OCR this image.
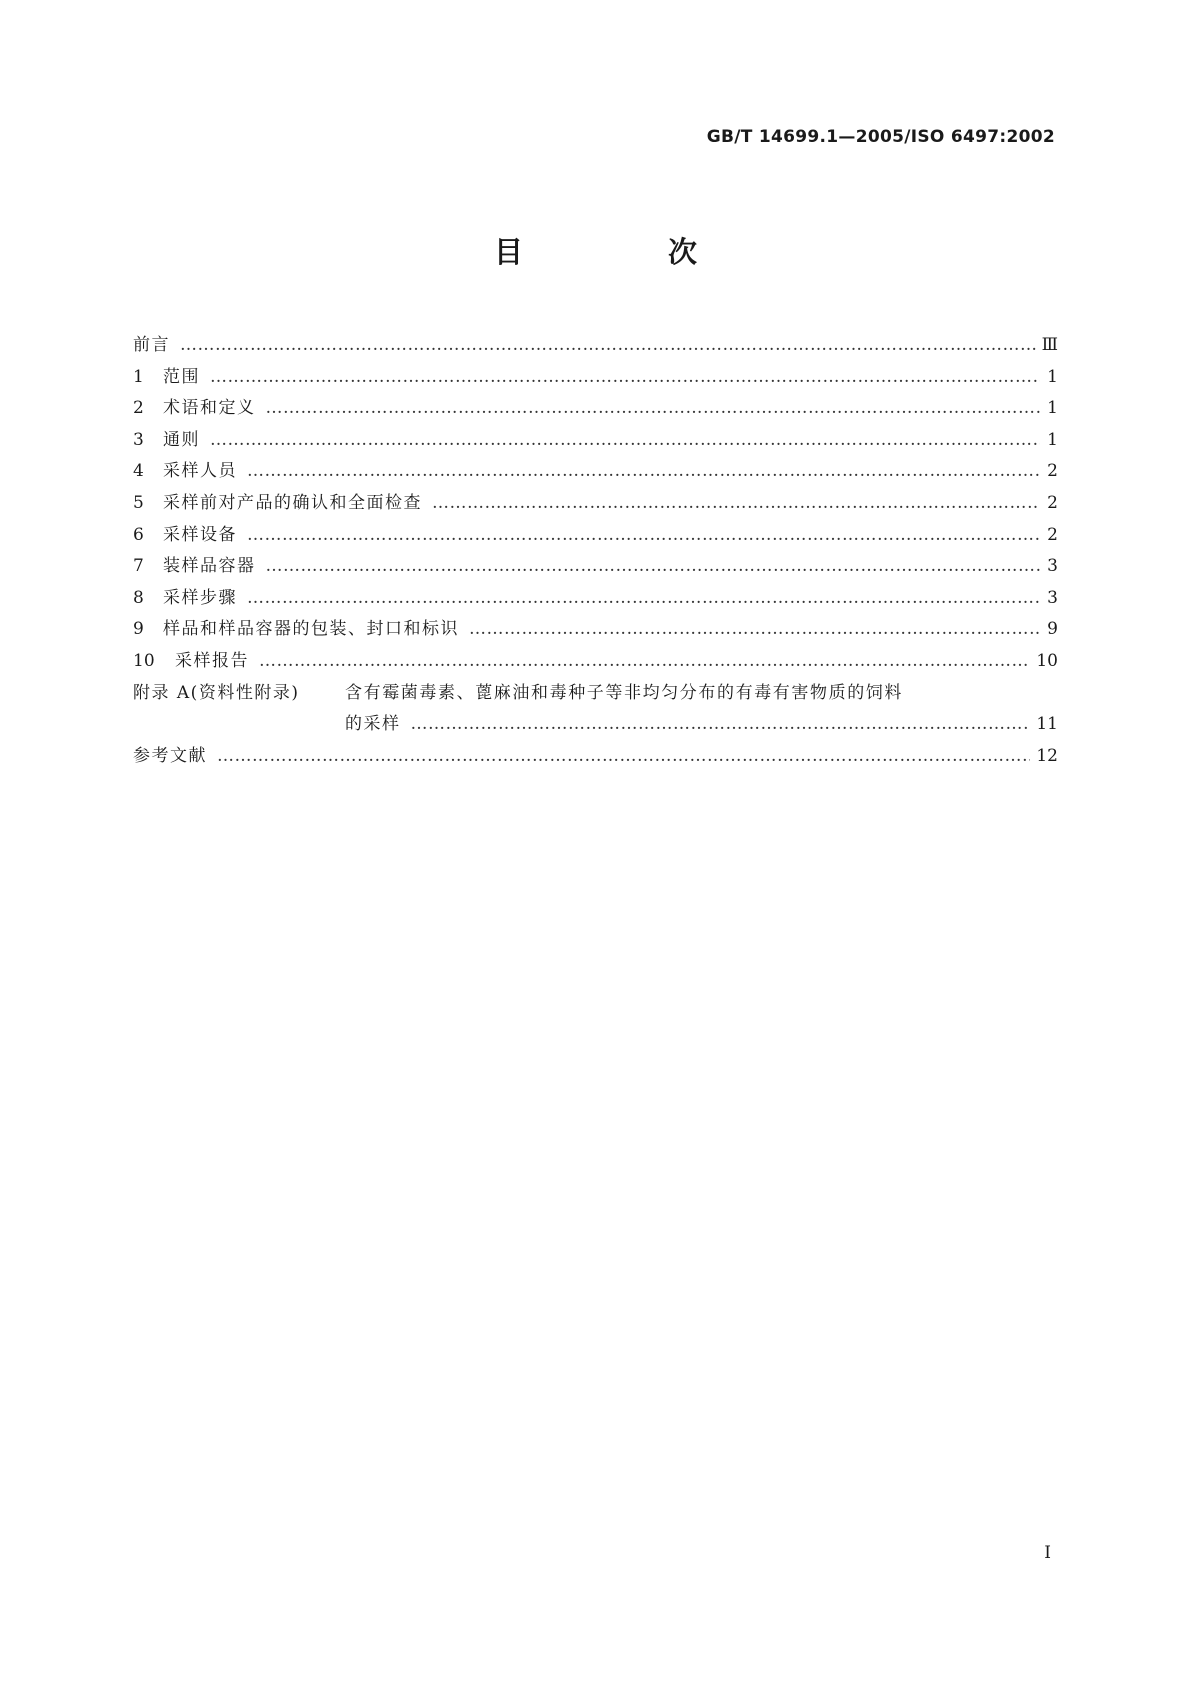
GB/T 14699.1—2005/ISO 6497:2002
目　次
前言 …………………………………………………………………………………………………………………………………………………………………………………………	Ⅲ
1	范围 …………………………………………………………………………………………………………………………………………………………………………………………	1
2	术语和定义 …………………………………………………………………………………………………………………………………………………………………………………………	1
3	通则 …………………………………………………………………………………………………………………………………………………………………………………………	1
4	采样人员 …………………………………………………………………………………………………………………………………………………………………………………………	2
5	采样前对产品的确认和全面检查 …………………………………………………………………………………………………………………………………………………………………………………………	2
6	采样设备 …………………………………………………………………………………………………………………………………………………………………………………………	2
7	装样品容器 …………………………………………………………………………………………………………………………………………………………………………………………	3
8	采样步骤 …………………………………………………………………………………………………………………………………………………………………………………………	3
9	样品和样品容器的包装、封口和标识 …………………………………………………………………………………………………………………………………………………………………………………………	9
10	采样报告 …………………………………………………………………………………………………………………………………………………………………………………………	10
附录 A(资料性附录)	含有霉菌毒素、蓖麻油和毒种子等非均匀分布的有毒有害物质的饲料
的采样 …………………………………………………………………………………………………………………………………………………………………………………………	11
参考文献 …………………………………………………………………………………………………………………………………………………………………………………………	12
I
